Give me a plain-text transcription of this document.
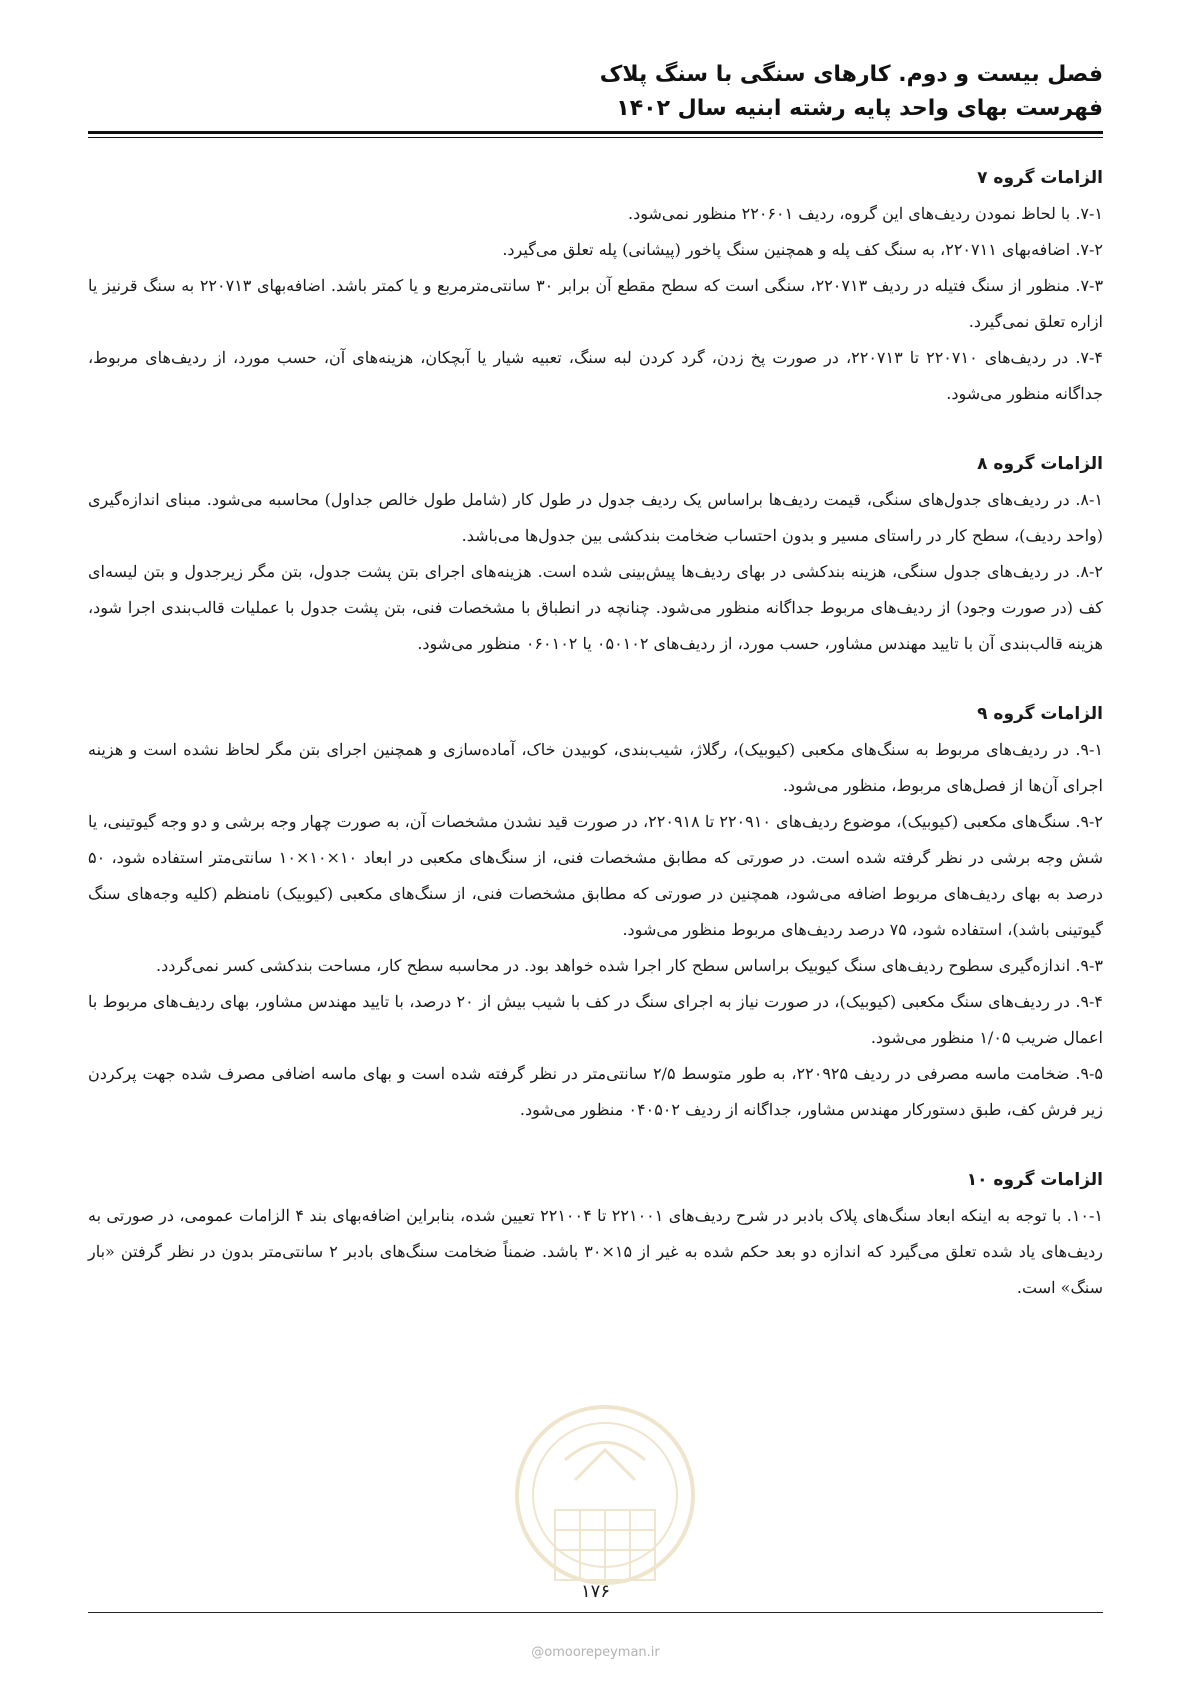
فصل بیست و دوم. کارهای سنگی با سنگ پلاک
فهرست بهای واحد پایه رشته ابنیه سال ۱۴۰۲
الزامات گروه ۷

۷-۱. با لحاظ نمودن ردیف‌های این گروه، ردیف ۲۲۰۶۰۱ منظور نمی‌شود.

۷-۲. اضافه‌بهای ۲۲۰۷۱۱، به سنگ کف پله و همچنین سنگ پاخور (پیشانی) پله تعلق می‌گیرد.

۷-۳. منظور از سنگ فتیله در ردیف ۲۲۰۷۱۳، سنگی است که سطح مقطع آن برابر ۳۰ سانتی‌مترمربع و یا کمتر باشد. اضافه‌بهای ۲۲۰۷۱۳ به سنگ قرنیز یا ازاره تعلق نمی‌گیرد.

۷-۴. در ردیف‌های ۲۲۰۷۱۰ تا ۲۲۰۷۱۳، در صورت پخ زدن، گرد کردن لبه سنگ، تعبیه شیار یا آبچکان، هزینه‌های آن، حسب مورد، از ردیف‌های مربوط، جداگانه منظور می‌شود.

الزامات گروه ۸

۸-۱. در ردیف‌های جدول‌های سنگی، قیمت ردیف‌ها براساس یک ردیف جدول در طول کار (شامل طول خالص جداول) محاسبه می‌شود. مبنای اندازه‌گیری (واحد ردیف)، سطح کار در راستای مسیر و بدون احتساب ضخامت بندکشی بین جدول‌ها می‌باشد.

۸-۲. در ردیف‌های جدول سنگی، هزینه بندکشی در بهای ردیف‌ها پیش‌بینی شده است. هزینه‌های اجرای بتن پشت جدول، بتن مگر زیرجدول و بتن لیسه‌ای کف (در صورت وجود) از ردیف‌های مربوط جداگانه منظور می‌شود. چنانچه در انطباق با مشخصات فنی، بتن پشت جدول با عملیات قالب‌بندی اجرا شود، هزینه قالب‌بندی آن با تایید مهندس مشاور، حسب مورد، از ردیف‌های ۰۵۰۱۰۲ یا ۰۶۰۱۰۲ منظور می‌شود.

الزامات گروه ۹

۹-۱. در ردیف‌های مربوط به سنگ‌های مکعبی (کیوبیک)، رگلاژ، شیب‌بندی، کوبیدن خاک، آماده‌سازی و همچنین اجرای بتن مگر لحاظ نشده است و هزینه اجرای آن‌ها از فصل‌های مربوط، منظور می‌شود.

۹-۲. سنگ‌های مکعبی (کیوبیک)، موضوع ردیف‌های ۲۲۰۹۱۰ تا ۲۲۰۹۱۸، در صورت قید نشدن مشخصات آن، به صورت چهار وجه برشی و دو وجه گیوتینی، یا شش وجه برشی در نظر گرفته شده است. در صورتی که مطابق مشخصات فنی، از سنگ‌های مکعبی در ابعاد ۱۰×۱۰×۱۰ سانتی‌متر استفاده شود، ۵۰ درصد به بهای ردیف‌های مربوط اضافه می‌شود، همچنین در صورتی که مطابق مشخصات فنی، از سنگ‌های مکعبی (کیوبیک) نامنظم (کلیه وجه‌های سنگ گیوتینی باشد)، استفاده شود، ۷۵ درصد ردیف‌های مربوط منظور می‌شود.

۹-۳. اندازه‌گیری سطوح ردیف‌های سنگ کیوبیک براساس سطح کار اجرا شده خواهد بود. در محاسبه سطح کار، مساحت بندکشی کسر نمی‌گردد.

۹-۴. در ردیف‌های سنگ مکعبی (کیوبیک)، در صورت نیاز به اجرای سنگ در کف با شیب بیش از ۲۰ درصد، با تایید مهندس مشاور، بهای ردیف‌های مربوط با اعمال ضریب ۱/۰۵ منظور می‌شود.

۹-۵. ضخامت ماسه مصرفی در ردیف ۲۲۰۹۲۵، به طور متوسط ۲/۵ سانتی‌متر در نظر گرفته شده است و بهای ماسه اضافی مصرف شده جهت پرکردن زیر فرش کف، طبق دستورکار مهندس مشاور، جداگانه از ردیف ۰۴۰۵۰۲ منظور می‌شود.

الزامات گروه ۱۰

۱۰-۱. با توجه به اینکه ابعاد سنگ‌های پلاک بادبر در شرح ردیف‌های ۲۲۱۰۰۱ تا ۲۲۱۰۰۴ تعیین شده، بنابراین اضافه‌بهای بند ۴ الزامات عمومی، در صورتی به ردیف‌های یاد شده تعلق می‌گیرد که اندازه دو بعد حکم شده به غیر از ۱۵×۳۰ باشد. ضمناً ضخامت سنگ‌های بادبر ۲ سانتی‌متر بدون در نظر گرفتن «بار سنگ» است.

۱۷۶
@omoorepeyman.ir
